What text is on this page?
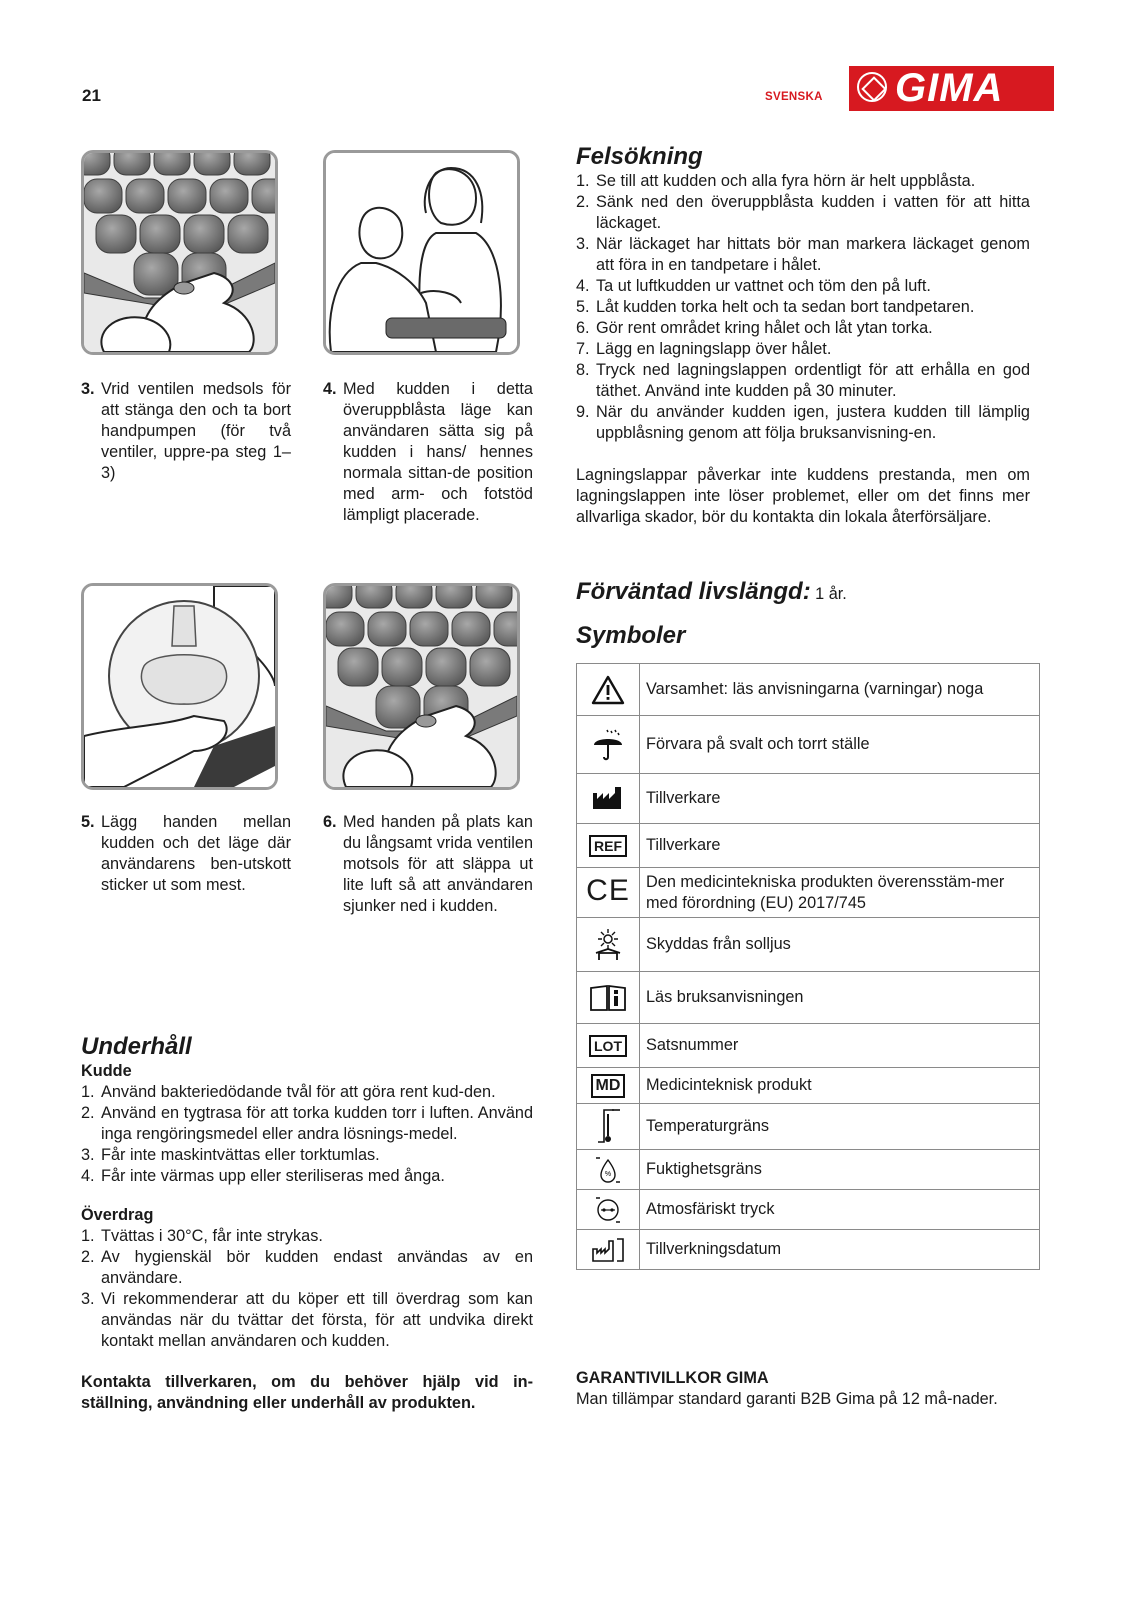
21	SVENSKA GIMA
3. Vrid ventilen medsols för att stänga den och ta bort handpumpen (för två ventiler, uppre-pa steg 1–3)
4. Med kudden i detta överuppblåsta läge kan användaren sätta sig på kudden i hans/ hennes normala sittan-de position med arm- och fotstöd lämpligt placerade.
5. Lägg handen mellan kudden och det läge där användarens ben-utskott sticker ut som mest.
6. Med handen på plats kan du långsamt vrida ventilen motsols för att släppa ut lite luft så att användaren sjunker ned i kudden.
Underhåll
Kudde
1. Använd bakteriedödande tvål för att göra rent kud-den.
2. Använd en tygtrasa för att torka kudden torr i luften. Använd inga rengöringsmedel eller andra lösnings-medel.
3. Får inte maskintvättas eller torktumlas.
4. Får inte värmas upp eller steriliseras med ånga.
Överdrag
1. Tvättas i 30°C, får inte strykas.
2. Av hygienskäl bör kudden endast användas av en användare.
3. Vi rekommenderar att du köper ett till överdrag som kan användas när du tvättar det första, för att undvika direkt kontakt mellan användaren och kudden.
Kontakta tillverkaren, om du behöver hjälp vid in-ställning, användning eller underhåll av produkten.
Felsökning
1. Se till att kudden och alla fyra hörn är helt uppblåsta.
2. Sänk ned den överuppblåsta kudden i vatten för att hitta läckaget.
3. När läckaget har hittats bör man markera läckaget genom att föra in en tandpetare i hålet.
4. Ta ut luftkudden ur vattnet och töm den på luft.
5. Låt kudden torka helt och ta sedan bort tandpetaren.
6. Gör rent området kring hålet och låt ytan torka.
7. Lägg en lagningslapp över hålet.
8. Tryck ned lagningslappen ordentligt för att erhålla en god täthet. Använd inte kudden på 30 minuter.
9. När du använder kudden igen, justera kudden till lämplig uppblåsning genom att följa bruksanvisning-en.
Lagningslappar påverkar inte kuddens prestanda, men om lagningslappen inte löser problemet, eller om det finns mer allvarliga skador, bör du kontakta din lokala återförsäljare.
Förväntad livslängd: 1 år.
Symboler
	Varsamhet: läs anvisningarna (varningar) noga
	Förvara på svalt och torrt ställe
	Tillverkare
REF	Tillverkare
CE	Den medicintekniska produkten överensstäm-mer med förordning (EU) 2017/745
	Skyddas från solljus
	Läs bruksanvisningen
LOT	Satsnummer
MD	Medicinteknisk produkt
	Temperaturgräns

%	Fuktighetsgräns
	Atmosfäriskt tryck
	Tillverkningsdatum
GARANTIVILLKOR GIMA
Man tillämpar standard garanti B2B Gima på 12 må-nader.
